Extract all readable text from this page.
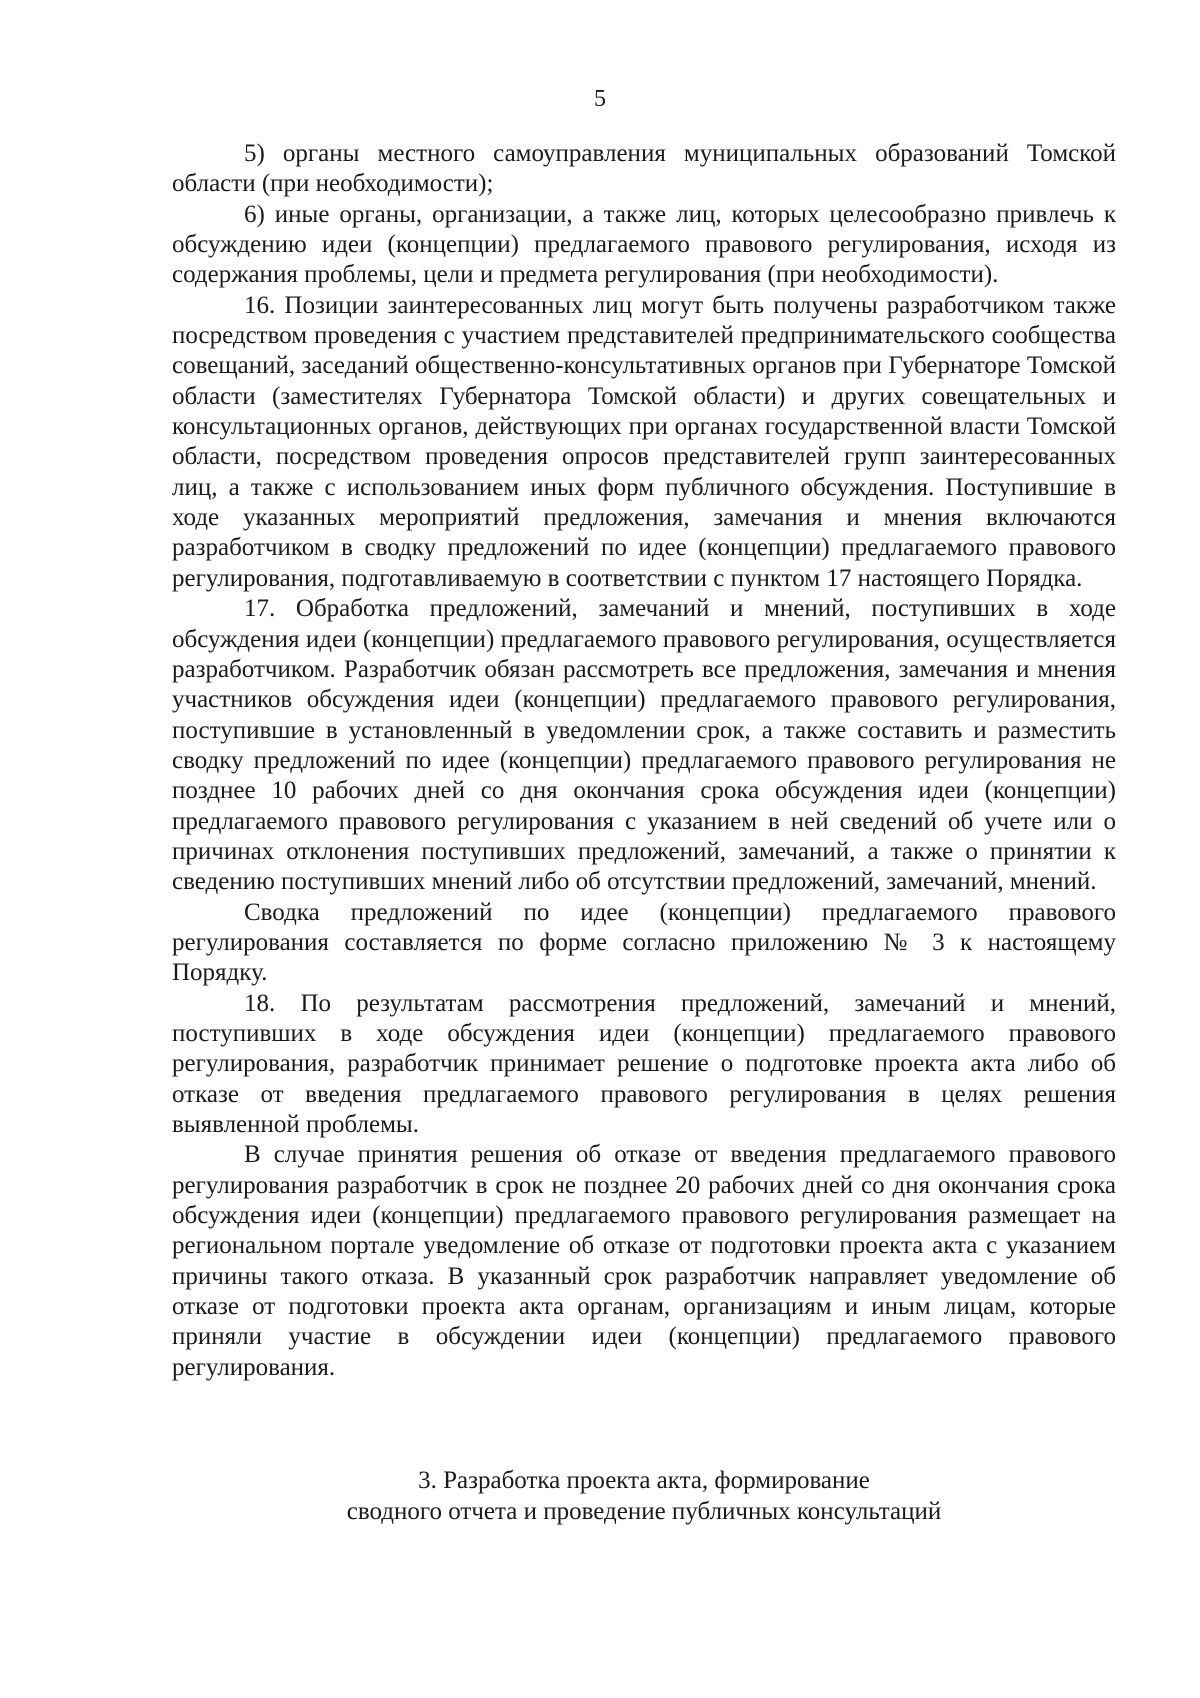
5

5) органы местного самоуправления муниципальных образований Томской области (при необходимости);

6) иные органы, организации, а также лиц, которых целесообразно привлечь к обсуждению идеи (концепции) предлагаемого правового регулирования, исходя из содержания проблемы, цели и предмета регулирования (при необходимости).

16. Позиции заинтересованных лиц могут быть получены разработчиком также посредством проведения с участием представителей предпринимательского сообщества совещаний, заседаний общественно-консультативных органов при Губернаторе Томской области (заместителях Губернатора Томской области) и других совещательных и консультационных органов, действующих при органах государственной власти Томской области, посредством проведения опросов представителей групп заинтересованных лиц, а также с использованием иных форм публичного обсуждения. Поступившие в ходе указанных мероприятий предложения, замечания и мнения включаются разработчиком в сводку предложений по идее (концепции) предлагаемого правового регулирования, подготавливаемую в соответствии с пунктом 17 настоящего Порядка.

17. Обработка предложений, замечаний и мнений, поступивших в ходе обсуждения идеи (концепции) предлагаемого правового регулирования, осуществляется разработчиком. Разработчик обязан рассмотреть все предложения, замечания и мнения участников обсуждения идеи (концепции) предлагаемого правового регулирования, поступившие в установленный в уведомлении срок, а также составить и разместить сводку предложений по идее (концепции) предлагаемого правового регулирования не позднее 10 рабочих дней со дня окончания срока обсуждения идеи (концепции) предлагаемого правового регулирования с указанием в ней сведений об учете или о причинах отклонения поступивших предложений, замечаний, а также о принятии к сведению поступивших мнений либо об отсутствии предложений, замечаний, мнений.

Сводка предложений по идее (концепции) предлагаемого правового регулирования составляется по форме согласно приложению № 3 к настоящему Порядку.

18. По результатам рассмотрения предложений, замечаний и мнений, поступивших в ходе обсуждения идеи (концепции) предлагаемого правового регулирования, разработчик принимает решение о подготовке проекта акта либо об отказе от введения предлагаемого правового регулирования в целях решения выявленной проблемы.

В случае принятия решения об отказе от введения предлагаемого правового регулирования разработчик в срок не позднее 20 рабочих дней со дня окончания срока обсуждения идеи (концепции) предлагаемого правового регулирования размещает на региональном портале уведомление об отказе от подготовки проекта акта с указанием причины такого отказа. В указанный срок разработчик направляет уведомление об отказе от подготовки проекта акта органам, организациям и иным лицам, которые приняли участие в обсуждении идеи (концепции) предлагаемого правового регулирования.

3. Разработка проекта акта, формирование
сводного отчета и проведение публичных консультаций
